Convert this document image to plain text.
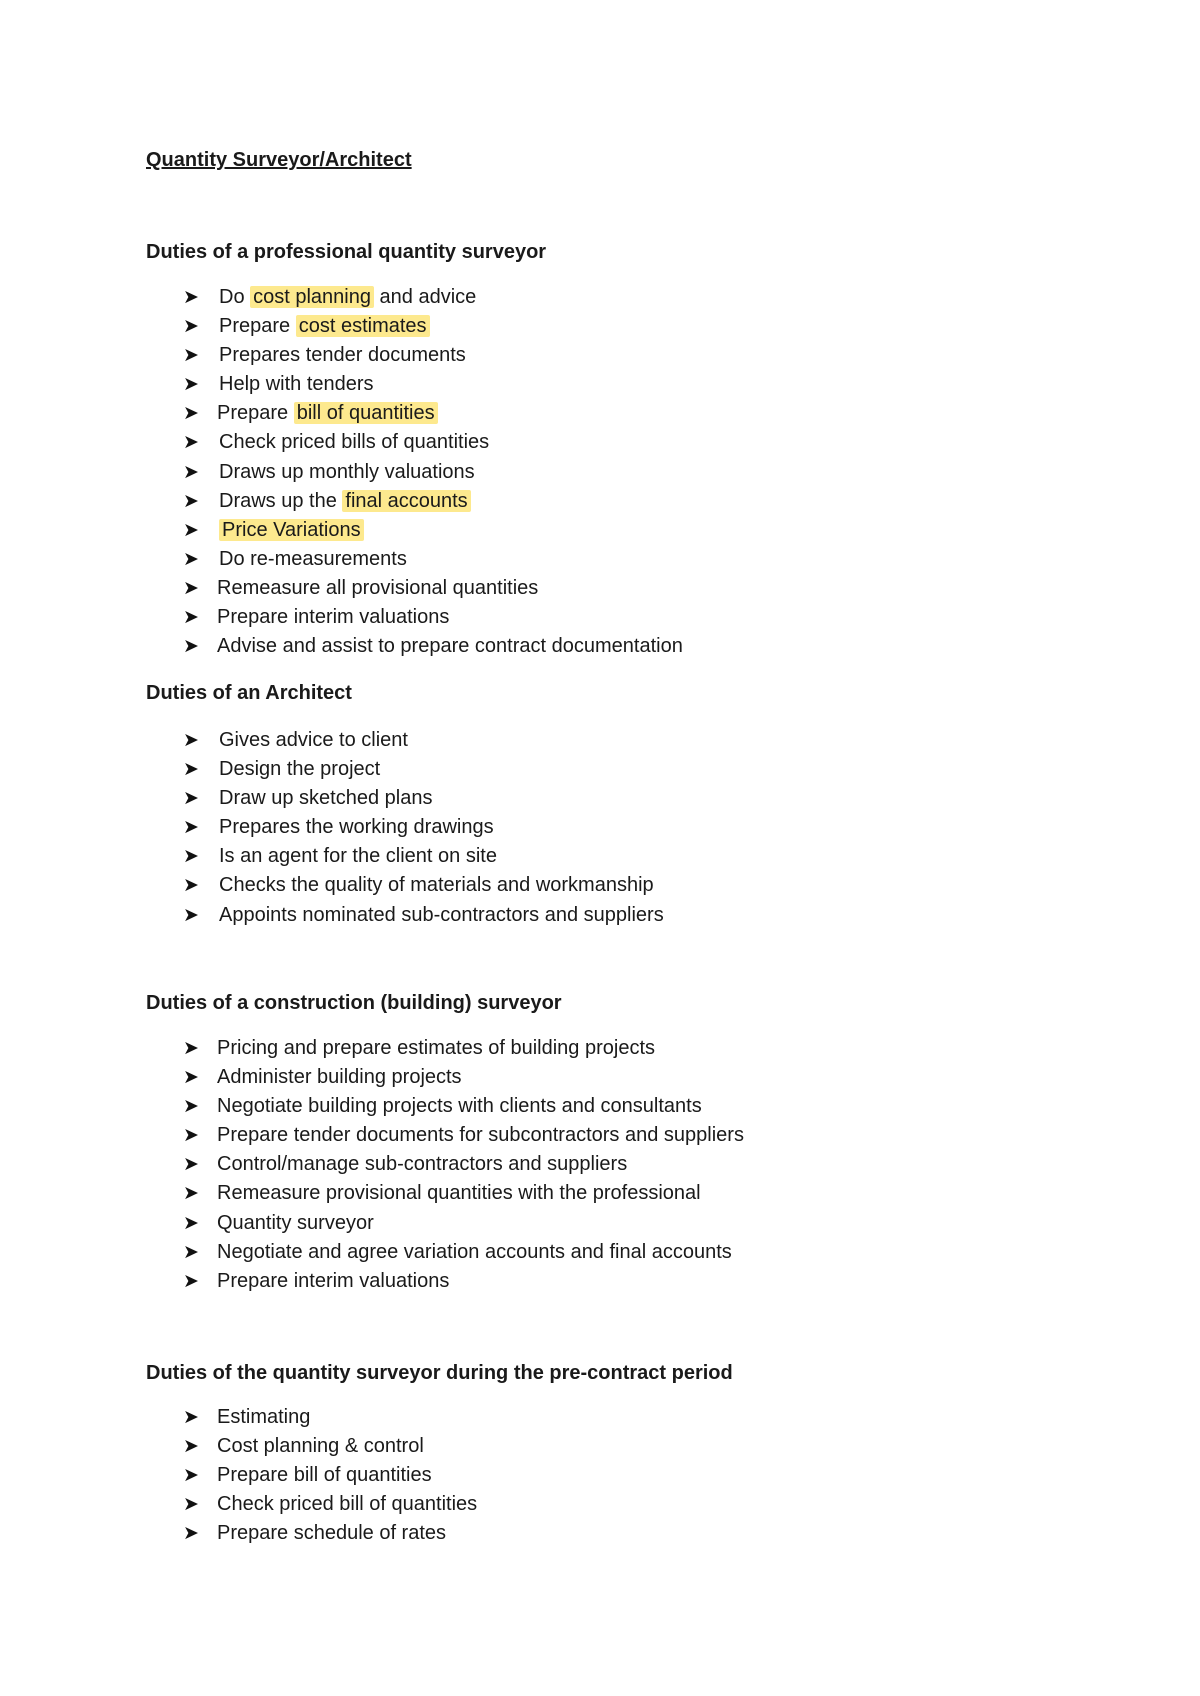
Quantity Surveyor/Architect
Duties of a professional quantity surveyor
➤ Do cost planning and advice
➤ Prepare cost estimates
➤ Prepares tender documents
➤ Help with tenders
➤ Prepare bill of quantities
➤ Check priced bills of quantities
➤ Draws up monthly valuations
➤ Draws up the final accounts
➤ Price Variations
➤ Do re-measurements
➤ Remeasure all provisional quantities
➤ Prepare interim valuations
➤ Advise and assist to prepare contract documentation
Duties of an Architect
➤ Gives advice to client
➤ Design the project
➤ Draw up sketched plans
➤ Prepares the working drawings
➤ Is an agent for the client on site
➤ Checks the quality of materials and workmanship
➤ Appoints nominated sub-contractors and suppliers
Duties of a construction (building) surveyor
➤ Pricing and prepare estimates of building projects
➤ Administer building projects
➤ Negotiate building projects with clients and consultants
➤ Prepare tender documents for subcontractors and suppliers
➤ Control/manage sub-contractors and suppliers
➤ Remeasure provisional quantities with the professional
➤ Quantity surveyor
➤ Negotiate and agree variation accounts and final accounts
➤ Prepare interim valuations
Duties of the quantity surveyor during the pre-contract period
➤ Estimating
➤ Cost planning & control
➤ Prepare bill of quantities
➤ Check priced bill of quantities
➤ Prepare schedule of rates
